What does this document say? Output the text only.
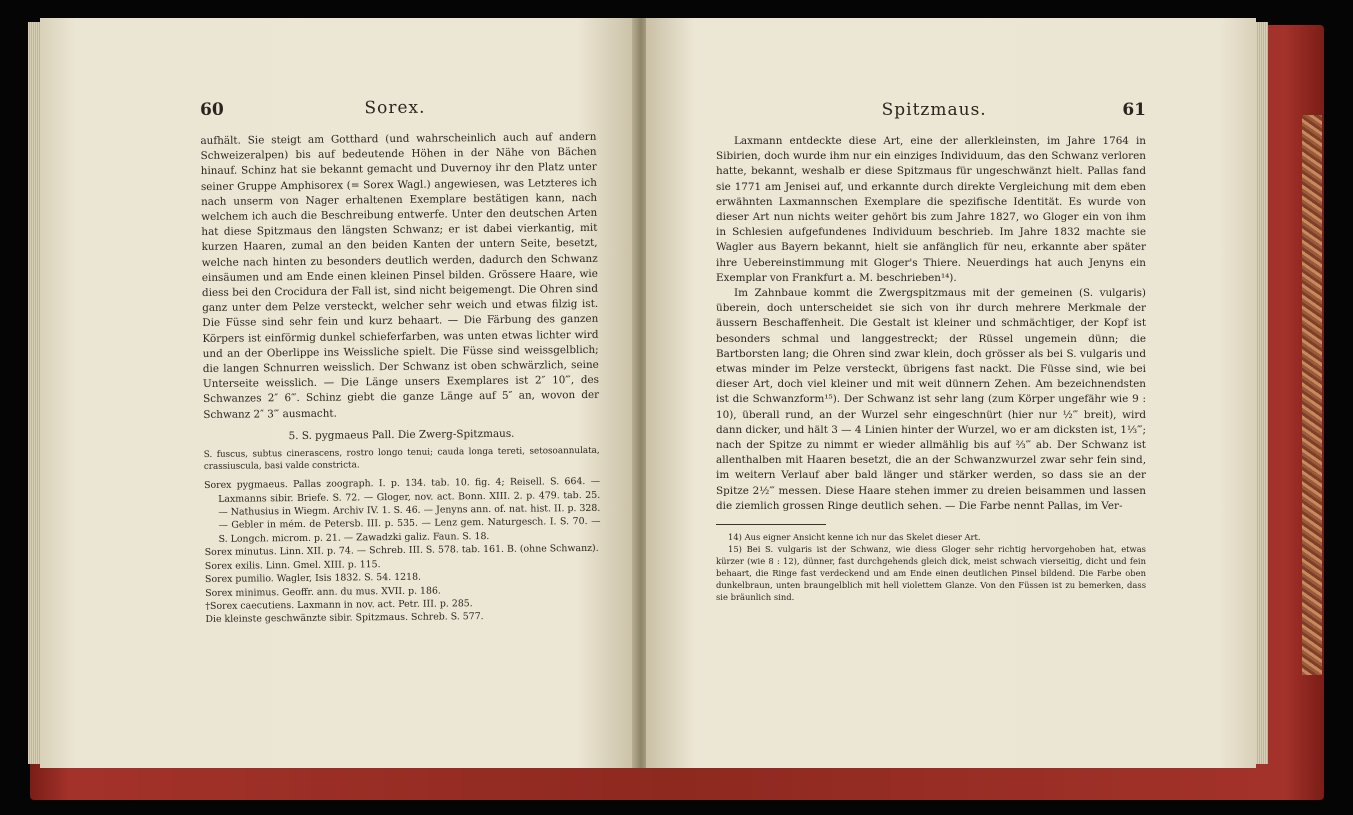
60	Sorex.

aufhält. Sie steigt am Gotthard (und wahrscheinlich auch auf andern Schweizeralpen) bis auf bedeutende Höhen in der Nähe von Bächen hinauf. Schinz hat sie bekannt gemacht und Duvernoy ihr den Platz unter seiner Gruppe Amphisorex (= Sorex Wagl.) angewiesen, was Letzteres ich nach unserm von Nager erhaltenen Exemplare bestätigen kann, nach welchem ich auch die Beschreibung entwerfe. Unter den deutschen Arten hat diese Spitzmaus den längsten Schwanz; er ist dabei vierkantig, mit kurzen Haaren, zumal an den beiden Kanten der untern Seite, besetzt, welche nach hinten zu besonders deutlich werden, dadurch den Schwanz einsäumen und am Ende einen kleinen Pinsel bilden. Grössere Haare, wie diess bei den Crocidura der Fall ist, sind nicht beigemengt. Die Ohren sind ganz unter dem Pelze versteckt, welcher sehr weich und etwas filzig ist. Die Füsse sind sehr fein und kurz behaart. — Die Färbung des ganzen Körpers ist einförmig dunkel schieferfarben, was unten etwas lichter wird und an der Oberlippe ins Weissliche spielt. Die Füsse sind weissgelblich; die langen Schnurren weisslich. Der Schwanz ist oben schwärzlich, seine Unterseite weisslich. — Die Länge unsers Exemplares ist 2″ 10‴, des Schwanzes 2″ 6‴. Schinz giebt die ganze Länge auf 5″ an, wovon der Schwanz 2″ 3‴ ausmacht.

5. S. pygmaeus Pall. Die Zwerg-Spitzmaus.

S. fuscus, subtus cinerascens, rostro longo tenui; cauda longa tereti, setosoannulata, crassiuscula, basi valde constricta.

Sorex pygmaeus. Pallas zoograph. I. p. 134. tab. 10. fig. 4; Reisell. S. 664. — Laxmanns sibir. Briefe. S. 72. — Gloger, nov. act. Bonn. XIII. 2. p. 479. tab. 25. — Nathusius in Wiegm. Archiv IV. 1. S. 46. — Jenyns ann. of. nat. hist. II. p. 328. — Gebler in mém. de Petersb. III. p. 535. — Lenz gem. Naturgesch. I. S. 70. — S. Longch. microm. p. 21. — Zawadzki galiz. Faun. S. 18.

Sorex minutus. Linn. XII. p. 74. — Schreb. III. S. 578. tab. 161. B. (ohne Schwanz).

Sorex exilis. Linn. Gmel. XIII. p. 115.

Sorex pumilio. Wagler, Isis 1832. S. 54. 1218.

Sorex minimus. Geoffr. ann. du mus. XVII. p. 186.

†Sorex caecutiens. Laxmann in nov. act. Petr. III. p. 285.

Die kleinste geschwänzte sibir. Spitzmaus. Schreb. S. 577.

Spitzmaus.	61

Laxmann entdeckte diese Art, eine der allerkleinsten, im Jahre 1764 in Sibirien, doch wurde ihm nur ein einziges Individuum, das den Schwanz verloren hatte, bekannt, weshalb er diese Spitzmaus für ungeschwänzt hielt. Pallas fand sie 1771 am Jenisei auf, und erkannte durch direkte Vergleichung mit dem eben erwähnten Laxmannschen Exemplare die spezifische Identität. Es wurde von dieser Art nun nichts weiter gehört bis zum Jahre 1827, wo Gloger ein von ihm in Schlesien aufgefundenes Individuum beschrieb. Im Jahre 1832 machte sie Wagler aus Bayern bekannt, hielt sie anfänglich für neu, erkannte aber später ihre Uebereinstimmung mit Gloger's Thiere. Neuerdings hat auch Jenyns ein Exemplar von Frankfurt a. M. beschrieben¹⁴).

Im Zahnbaue kommt die Zwergspitzmaus mit der gemeinen (S. vulgaris) überein, doch unterscheidet sie sich von ihr durch mehrere Merkmale der äussern Beschaffenheit. Die Gestalt ist kleiner und schmächtiger, der Kopf ist besonders schmal und langgestreckt; der Rüssel ungemein dünn; die Bartborsten lang; die Ohren sind zwar klein, doch grösser als bei S. vulgaris und etwas minder im Pelze versteckt, übrigens fast nackt. Die Füsse sind, wie bei dieser Art, doch viel kleiner und mit weit dünnern Zehen. Am bezeichnendsten ist die Schwanzform¹⁵). Der Schwanz ist sehr lang (zum Körper ungefähr wie 9 : 10), überall rund, an der Wurzel sehr eingeschnürt (hier nur ½‴ breit), wird dann dicker, und hält 3 — 4 Linien hinter der Wurzel, wo er am dicksten ist, 1⅓‴; nach der Spitze zu nimmt er wieder allmählig bis auf ⅔‴ ab. Der Schwanz ist allenthalben mit Haaren besetzt, die an der Schwanzwurzel zwar sehr fein sind, im weitern Verlauf aber bald länger und stärker werden, so dass sie an der Spitze 2½‴ messen. Diese Haare stehen immer zu dreien beisammen und lassen die ziemlich grossen Ringe deutlich sehen. — Die Farbe nennt Pallas, im Ver-

14) Aus eigner Ansicht kenne ich nur das Skelet dieser Art.

15) Bei S. vulgaris ist der Schwanz, wie diess Gloger sehr richtig hervorgehoben hat, etwas kürzer (wie 8 : 12), dünner, fast durchgehends gleich dick, meist schwach vierseitig, dicht und fein behaart, die Ringe fast verdeckend und am Ende einen deutlichen Pinsel bildend. Die Farbe oben dunkelbraun, unten braungelblich mit hell violettem Glanze. Von den Füssen ist zu bemerken, dass sie bräunlich sind.
